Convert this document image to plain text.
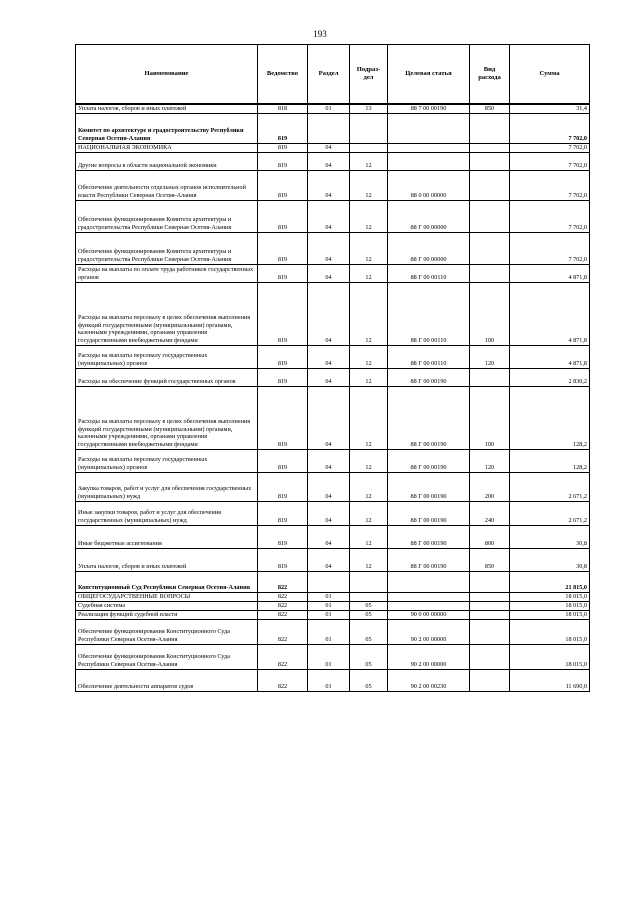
193
Наименование	Ведомство	Раздел	Подраз-дел	Целевая статья	Вид расхода	Сумма
Уплата налогов, сборов и иных платежей	818	01	13	88 7 00 00190	850	31,4
Комитет по архитектуре и градостроительству Республики Северная Осетия-Алания	819					7 702,0
НАЦИОНАЛЬНАЯ ЭКОНОМИКА	819	04				7 702,0
Другие вопросы в области национальной экономики	819	04	12			7 702,0
Обеспечение деятельности отдельных органов исполнительной власти Республики Северная Осетия-Алания	819	04	12	88 0 00 00000		7 702,0
Обеспечение функционирования Комитета архитектуры и градостроительства Республики Северная Осетия-Алания	819	04	12	88 Г 00 00000		7 702,0
Обеспечение функционирования Комитета архитектуры и градостроительства Республики Северная Осетия-Алания	819	04	12	88 Г 00 00000		7 702,0
Расходы на выплаты по оплате труда работников государственных органов	819	04	12	88 Г 00 00110		4 871,8
Расходы на выплаты персоналу в целях обеспечения выполнения функций государственными (муниципальными) органами, казенными учреждениями, органами управления государственными внебюджетными фондами	819	04	12	88 Г 00 00110	100	4 871,8
Расходы на выплаты персоналу государственных (муниципальных) органов	819	04	12	88 Г 00 00110	120	4 871,8
Расходы на обеспечение функций государственных органов	819	04	12	88 Г 00 00190		2 830,2
Расходы на выплаты персоналу в целях обеспечения выполнения функций государственными (муниципальными) органами, казенными учреждениями, органами управления государственными внебюджетными фондами	819	04	12	88 Г 00 00190	100	128,2
Расходы на выплаты персоналу государственных (муниципальных) органов	819	04	12	88 Г 00 00190	120	128,2
Закупка товаров, работ и услуг для обеспечения государственных (муниципальных) нужд	819	04	12	88 Г 00 00190	200	2 671,2
Иные закупки товаров, работ и услуг для обеспечения государственных (муниципальных) нужд	819	04	12	88 Г 00 00190	240	2 671,2
Иные бюджетные ассигнования	819	04	12	88 Г 00 00190	800	30,8
Уплата налогов, сборов и иных платежей	819	04	12	88 Г 00 00190	850	30,8
Конституционный Суд Республики Северная Осетия-Алания	822					21 815,0
ОБЩЕГОСУДАРСТВЕННЫЕ ВОПРОСЫ	822	01				18 015,0
Судебная система	822	01	05			18 015,0
Реализация функций судебной власти	822	01	05	90 0 00 00000		18 015,0
Обеспечение функционирования Конституционного Суда Республики Северная Осетия-Алания	822	01	05	90 2 00 00000		18 015,0
Обеспечение функционирования Конституционного Суда Республики Северная Осетия-Алания	822	01	05	90 2 00 00000		18 015,0
Обеспечение деятельности аппаратов судов	822	01	05	90 2 00 00230		11 690,0
